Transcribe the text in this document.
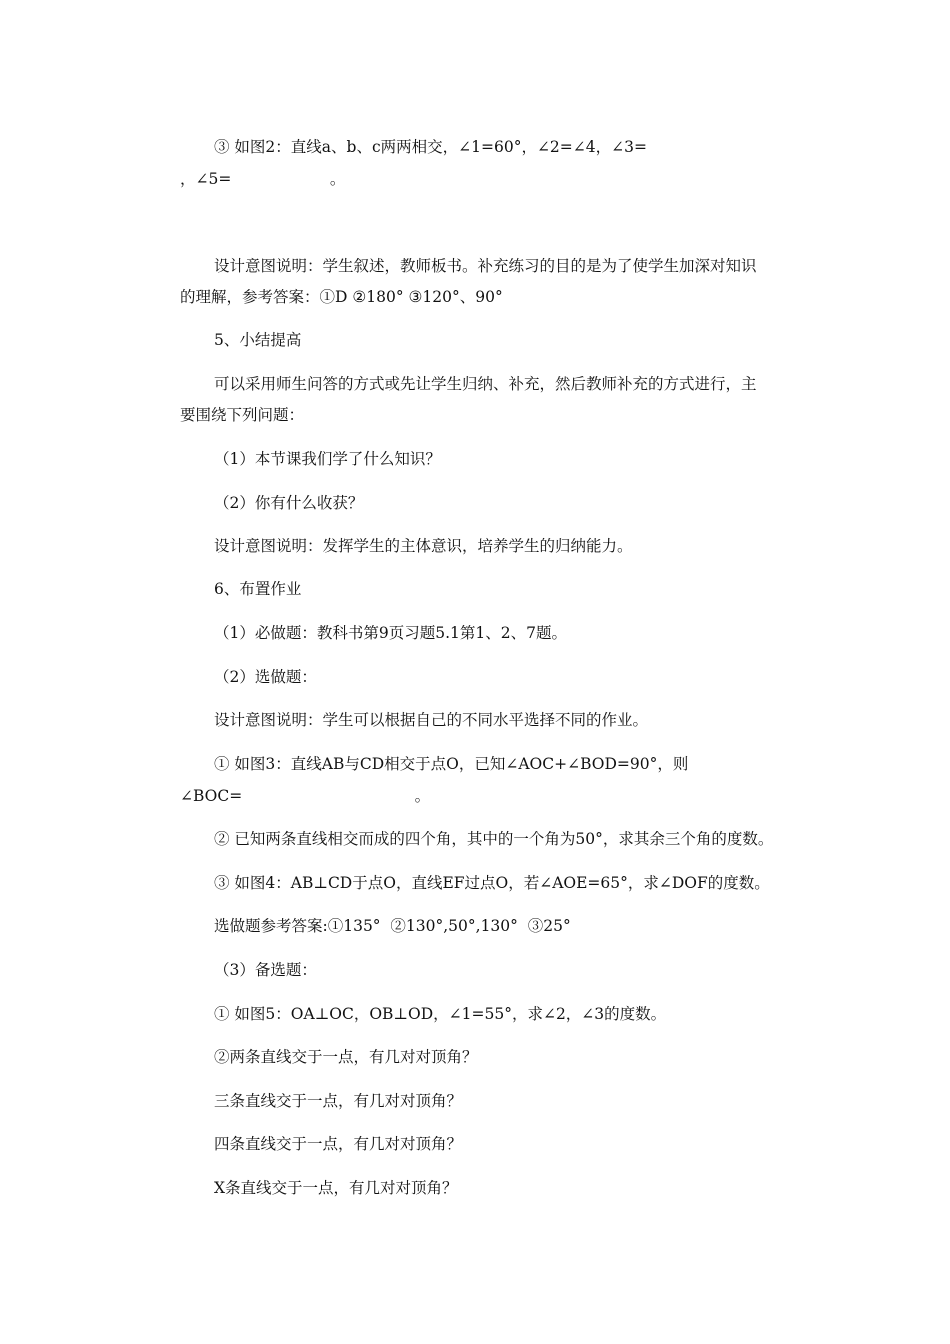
③ 如图2：直线a、b、c两两相交，∠1=60°，∠2=∠4，∠3=
，∠5=                    。
设计意图说明：学生叙述，教师板书。补充练习的目的是为了使学生加深对知识
的理解，参考答案：①D ②180° ③120°、90°
5、小结提高
可以采用师生问答的方式或先让学生归纳、补充，然后教师补充的方式进行，主
要围绕下列问题：
（1）本节课我们学了什么知识？
（2）你有什么收获？
设计意图说明：发挥学生的主体意识，培养学生的归纳能力。
6、布置作业
（1）必做题：教科书第9页习题5.1第1、2、7题。
（2）选做题：
设计意图说明：学生可以根据自己的不同水平选择不同的作业。
① 如图3：直线AB与CD相交于点O，已知∠AOC+∠BOD=90°，则
∠BOC=                                   。
② 已知两条直线相交而成的四个角，其中的一个角为50°，求其余三个角的度数。
③ 如图4：AB⊥CD于点O，直线EF过点O，若∠AOE=65°，求∠DOF的度数。
选做题参考答案:①135°  ②130°,50°,130°  ③25°
（3）备选题：
① 如图5：OA⊥OC，OB⊥OD，∠1=55°，求∠2，∠3的度数。
②两条直线交于一点，有几对对顶角？
三条直线交于一点，有几对对顶角？
四条直线交于一点，有几对对顶角？
X条直线交于一点，有几对对顶角？
